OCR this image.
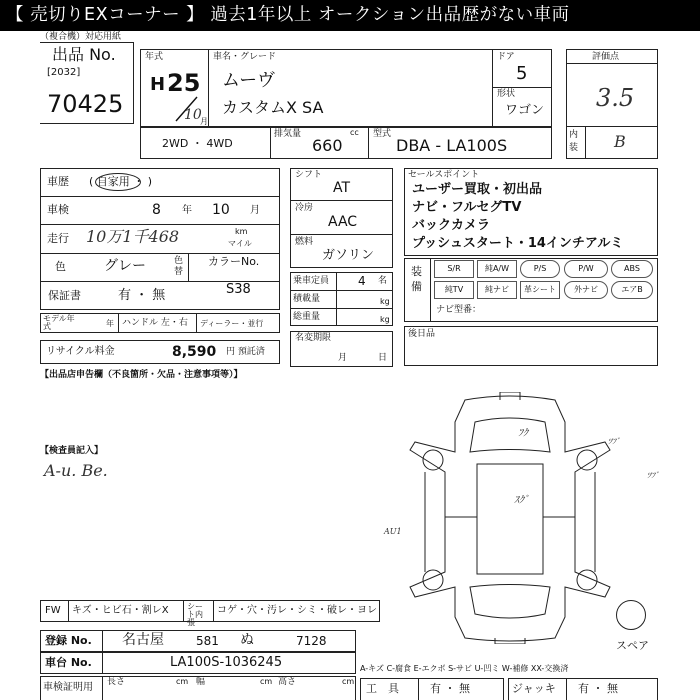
【 売切りEXコーナー 】 過去1年以上 オークション出品歴がない車両
（複合機）対応用紙
出品 No.
[2032]
70425
年式
H 25
10
月
車名・グレード
ムーヴ
カスタムX SA
ドア
5
形状
ワゴン
2WD ・ 4WD
排気量
660
cc 型式
DBA - LA100S
評価点
3.5
内装 B
車歴 ( 自家用 ・ )
車検	8 年 10 月
走行 10万1千468	km
マイル
色	グレー	色替
カラーNo.
S38
保証書	有 ・ 無
モデル年式	年 ハンドル 左・右 ディーラー・並行
リサイクル料金	8,590 円 預託済
シフト
AT
冷房
AAC
燃料
ガソリン
乗車定員 4 名
積載量	kg
総重量	kg
名変期限
月	日
セールスポイント
ユーザー買取・初出品
ナビ・フルセグTV
バックカメラ
プッシュスタート・14インチアルミ
装備
S/R	純A/W	P/S	P/W	ABS
純TV	純ナビ	革シート	外ナビ	エアB
ナビ型番：
後日品
【出品店申告欄（不良箇所・欠品・注意事項等）】
【検査員記入】
A-u. Be.
ﾌｸ
ｽｸﾞ
AU1
ﾂﾌﾞ
ﾂﾌﾞ
スペア
FW キズ・ヒビ石・割レX シート内張
コゲ・穴・汚レ・シミ・破レ・ヨレ
登録 No. 名古屋	581 ぬ	7128
車台 No.	LA100S-1036245
車検証明用 長さ	cm 幅	cm 高さ	cm
A-キズ C-腐食 E-エクボ S-サビ U-凹ミ W-補修 XX-交換済
工　具	有 ・ 無	ジャッキ 有 ・ 無
